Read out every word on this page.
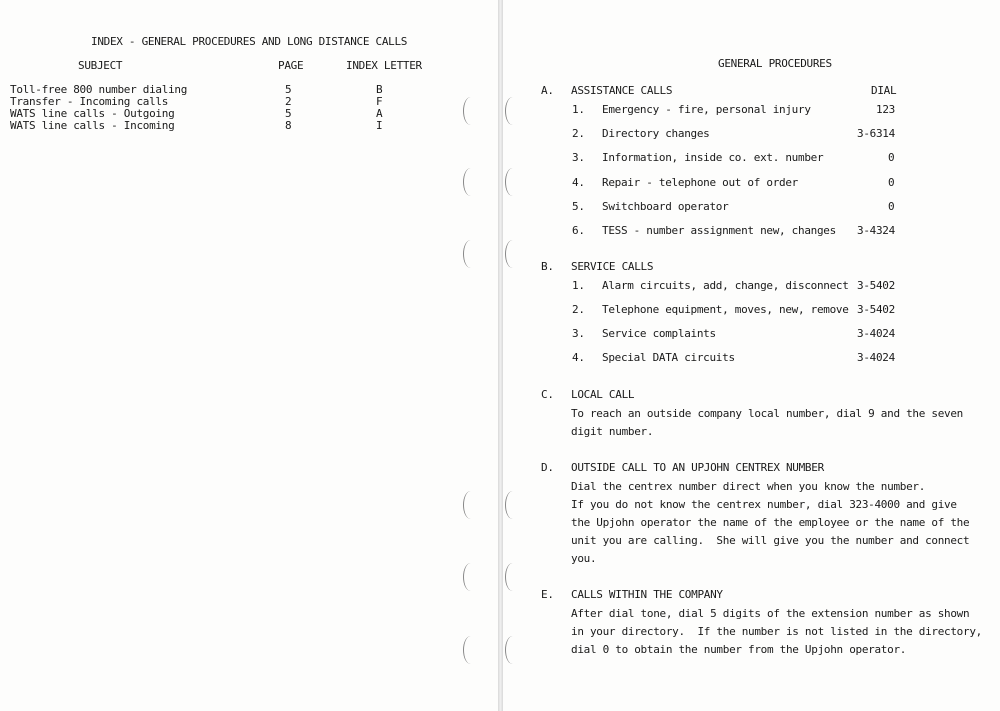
INDEX - GENERAL PROCEDURES AND LONG DISTANCE CALLS
SUBJECT	PAGE	INDEX LETTER
Toll-free 800 number dialing	5	B
Transfer - Incoming calls	2	F
WATS line calls - Outgoing	5	A
WATS line calls - Incoming	8	I
GENERAL PROCEDURES
A. ASSISTANCE CALLS	DIAL
1. Emergency - fire, personal injury	123
2. Directory changes	3-6314
3. Information, inside co. ext. number	0
4. Repair - telephone out of order	0
5. Switchboard operator	0
6. TESS - number assignment new, changes 3-4324
B. SERVICE CALLS
1. Alarm circuits, add, change, disconnect 3-5402
2. Telephone equipment, moves, new, remove 3-5402
3. Service complaints	3-4024
4. Special DATA circuits	3-4024
C. LOCAL CALL
To reach an outside company local number, dial 9 and the seven
digit number.
D. OUTSIDE CALL TO AN UPJOHN CENTREX NUMBER
Dial the centrex number direct when you know the number.
If you do not know the centrex number, dial 323-4000 and give
the Upjohn operator the name of the employee or the name of the
unit you are calling.  She will give you the number and connect
you.
E. CALLS WITHIN THE COMPANY
After dial tone, dial 5 digits of the extension number as shown
in your directory.  If the number is not listed in the directory,
dial 0 to obtain the number from the Upjohn operator.
